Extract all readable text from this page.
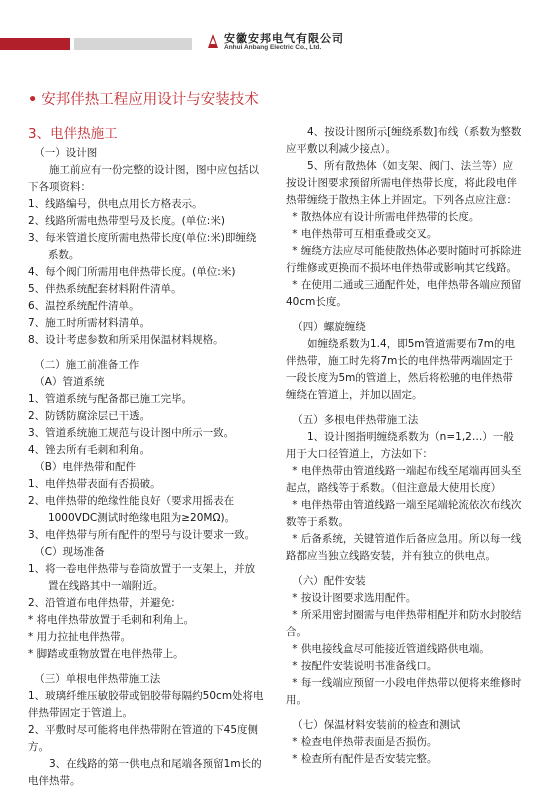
安徽安邦电气有限公司
Anhui Anbang Electric Co., Ltd.
• 安邦伴热工程应用设计与安装技术

3、电伴热施工

（一）设计图

施工前应有一份完整的设计图，图中应包括以下各项资料：

1、线路编号，供电点用长方格表示。

2、线路所需电热带型号及长度。(单位:米)

3、每米管道长度所需电热带长度(单位:米)即缠绕系数。

4、每个阀门所需用电伴热带长度。(单位:米)

5、伴热系统配套材料附件清单。

6、温控系统配件清单。

7、施工时所需材料清单。

8、设计考虑参数和所采用保温材料规格。

（二）施工前准备工作

（A）管道系统

1、管道系统与配备都已施工完毕。

2、防锈防腐涂层已干透。

3、管道系统施工规范与设计图中所示一致。

4、锉去所有毛刺和利角。

（B）电伴热带和配件

1、电伴热带表面有否损破。

2、电伴热带的绝缘性能良好（要求用摇表在1000VDC测试时绝缘电阻为≥20MΩ)。

3、电伴热带与所有配件的型号与设计要求一致。

（C）现场准备

1、将一卷电伴热带与卷筒放置于一支架上，并放置在线路其中一端附近。

2、沿管道布电伴热带，并避免:

* 将电伴热带放置于毛刺和利角上。

* 用力拉扯电伴热带。

* 脚踏或重物放置在电伴热带上。

（三）单根电伴热带施工法

1、玻璃纤维压敏胶带或铝胶带每隔约50cm处将电伴热带固定于管道上。

2、平敷时尽可能将电伴热带附在管道的下45度侧方。

3、在线路的第一供电点和尾端各预留1m长的电伴热带。

4、按设计图所示[缠绕系数]布线（系数为整数应平敷以利减少接点）。

5、所有散热体（如支架、阀门、法兰等）应按设计图要求预留所需电伴热带长度，将此段电伴热带缠绕于散热主体上并固定。下列各点应注意：

* 散热体应有设计所需电伴热带的长度。

* 电伴热带可互相重叠或交叉。

* 缠绕方法应尽可能使散热体必要时随时可拆除进行维修或更换而不损坏电伴热带或影响其它线路。

* 在使用二通或三通配件处，电伴热带各端应预留40cm长度。

（四）螺旋缠绕

如缠绕系数为1.4，即5m管道需要布7m的电伴热带，施工时先将7m长的电伴热带两端固定于一段长度为5m的管道上，然后将松驰的电伴热带缠绕在管道上，并加以固定。

（五）多根电伴热带施工法

1、设计图指明缠绕系数为（n=1,2…）一般用于大口径管道上，方法如下：

* 电伴热带由管道线路一端起布线至尾端再回头至起点，路线等于系数。（但注意最大使用长度）

* 电伴热带由管道线路一端至尾端轮流依次布线次数等于系数。

* 后备系统，关键管道作后备应急用。所以每一线路都应当独立线路安装，并有独立的供电点。

（六）配件安装

* 按设计图要求选用配件。

* 所采用密封圈需与电伴热带相配并和防水封胶结合。

* 供电接线盒尽可能接近管道线路供电端。

* 按配件安装说明书准备线口。

* 每一线端应预留一小段电伴热带以便将来维修时用。

（七）保温材料安装前的检查和测试

* 检查电伴热带表面是否损伤。

* 检查所有配件是否安装完整。
